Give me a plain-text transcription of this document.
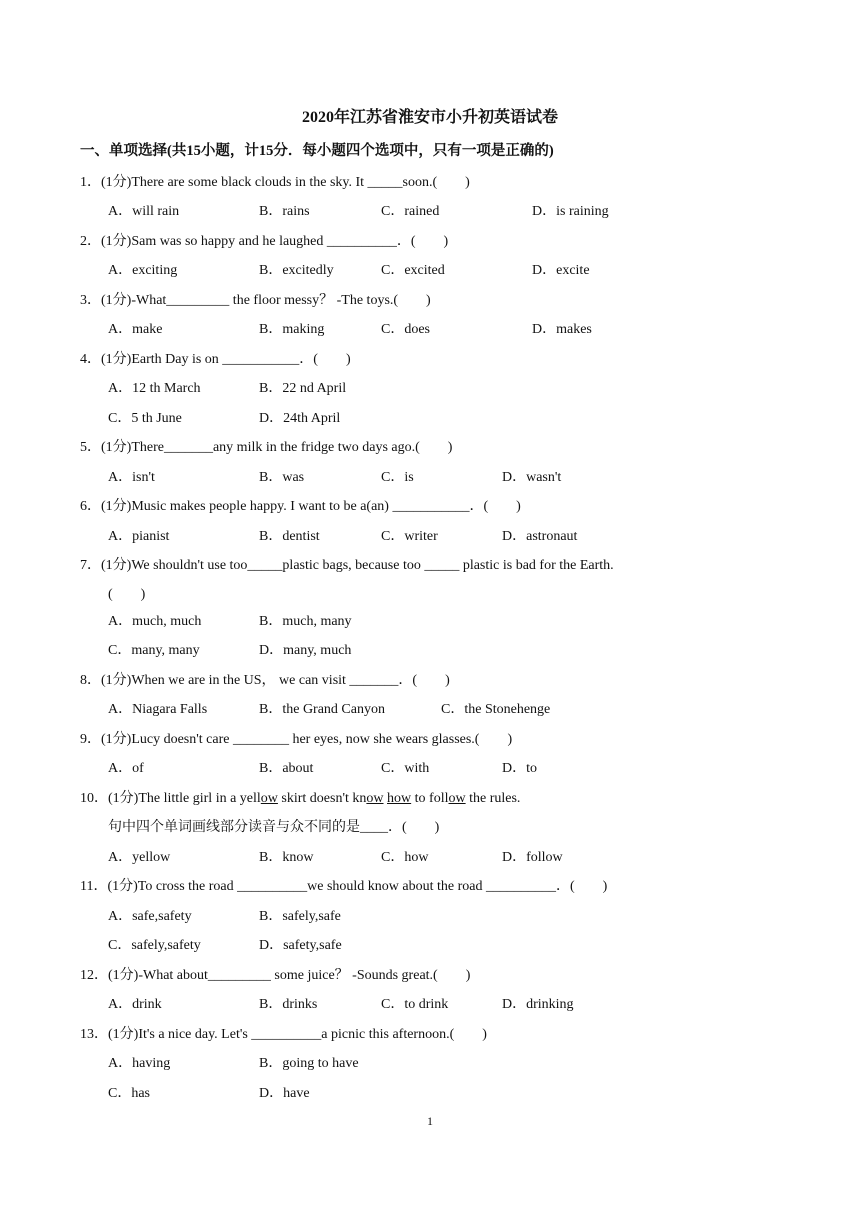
2020年江苏省淮安市小升初英语试卷
一、单项选择(共15小题，计15分．每小题四个选项中，只有一项是正确的)
1．(1分)There are some black clouds in the sky. It _____soon.(　　)
A．will rain	B．rains	C．rained	D．is raining
2．(1分)Sam was so happy and he laughed __________．(　　)
A．exciting	B．excitedly	C．excited	D．excite
3．(1分)-What_________ the floor messy？ -The toys.(　　)
A．make	B．making	C．does	D．makes
4．(1分)Earth Day is on ___________．(　　)
A．12 th March	B．22 nd April
C．5 th June	D．24th April
5．(1分)There_______any milk in the fridge two days ago.(　　)
A．isn't	B．was	C．is	D．wasn't
6．(1分)Music makes people happy. I want to be a(an) ___________．(　　)
A．pianist	B．dentist	C．writer	D．astronaut
7．(1分)We shouldn't use too_____plastic bags, because too _____ plastic is bad for the Earth.
(　　)
A．much, much	B．much, many
C．many, many	D．many, much
8．(1分)When we are in the US， we can visit _______．(　　)
A．Niagara Falls	B．the Grand Canyon	C．the Stonehenge
9．(1分)Lucy doesn't care ________ her eyes, now she wears glasses.(　　)
A．of	B．about	C．with	D．to
10．(1分)The little girl in a yellow skirt doesn't know how to follow the rules.
句中四个单词画线部分读音与众不同的是____．(　　)
A．yellow	B．know	C．how	D．follow
11．(1分)To cross the road __________we should know about the road __________．(　　)
A．safe,safety	B．safely,safe
C．safely,safety	D．safety,safe
12．(1分)-What about_________ some juice？ -Sounds great.(　　)
A．drink	B．drinks	C．to drink	D．drinking
13．(1分)It's a nice day. Let's __________a picnic this afternoon.(　　)
A．having	B．going to have
C．has	D．have
1
